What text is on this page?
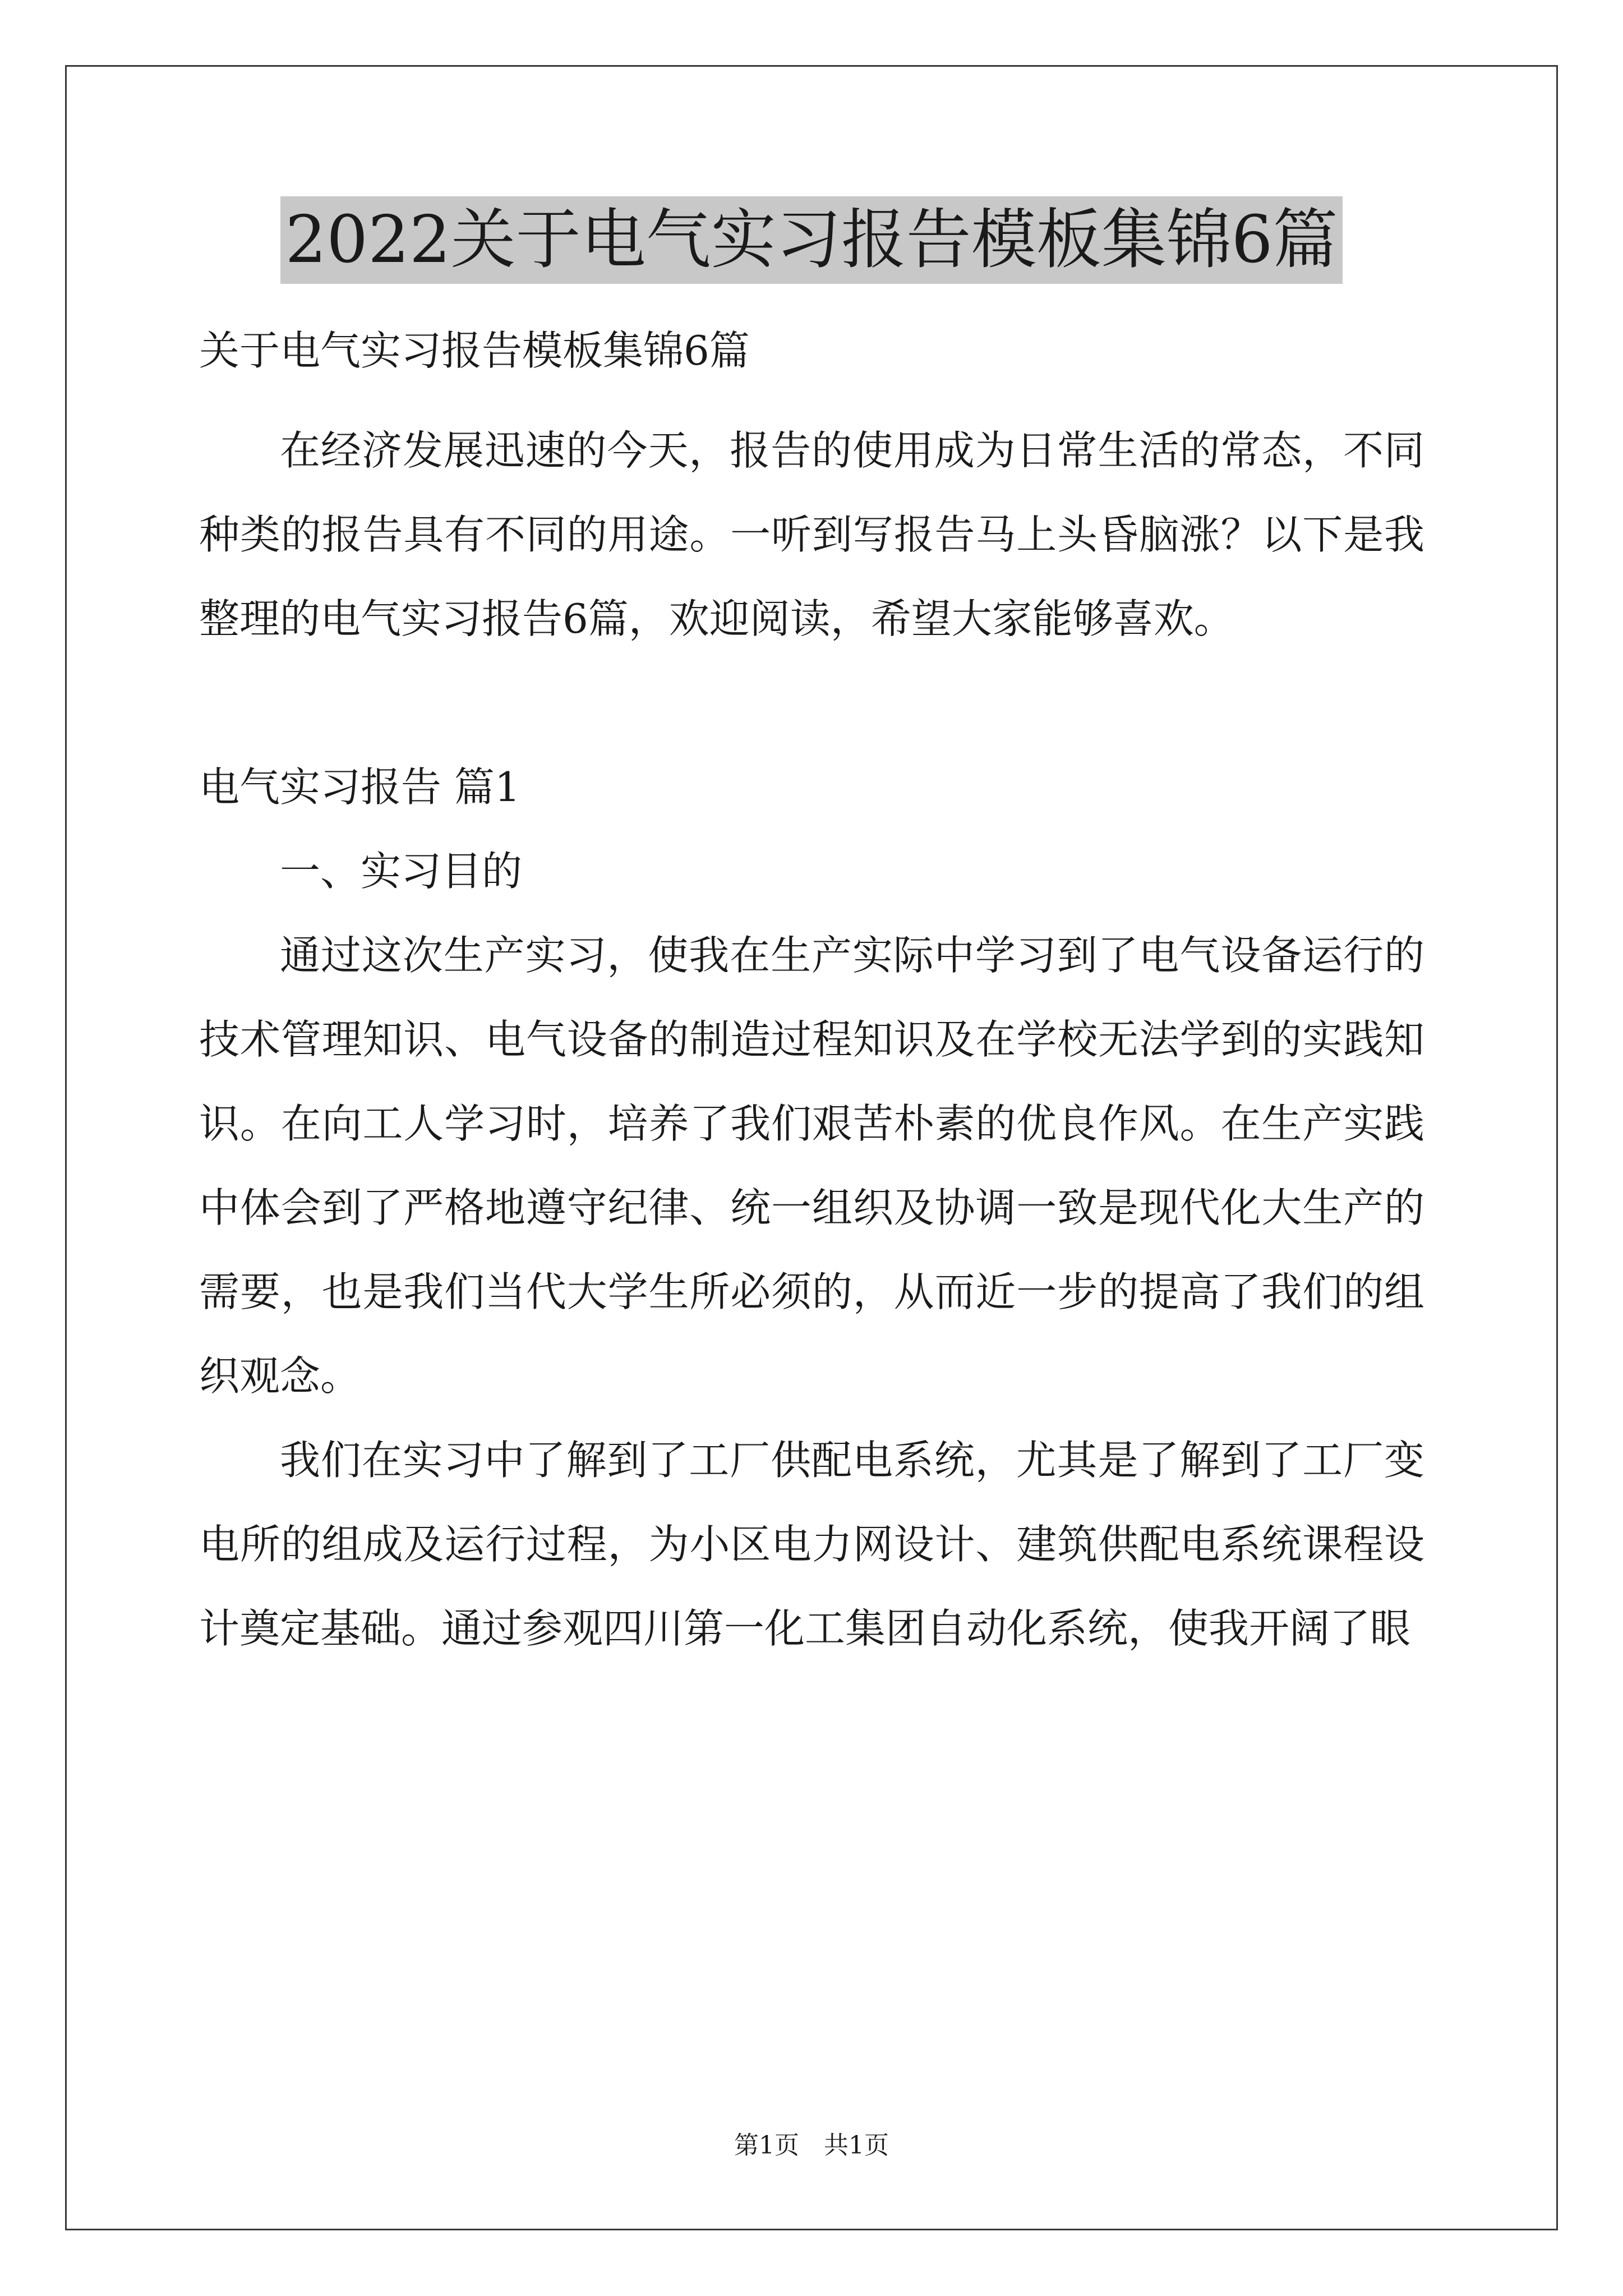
2022关于电气实习报告模板集锦6篇

关于电气实习报告模板集锦6篇

在经济发展迅速的今天，报告的使用成为日常生活的常态，不同种类的报告具有不同的用途。一听到写报告马上头昏脑涨？以下是我整理的电气实习报告6篇，欢迎阅读，希望大家能够喜欢。

电气实习报告 篇1

一、实习目的

通过这次生产实习，使我在生产实际中学习到了电气设备运行的技术管理知识、电气设备的制造过程知识及在学校无法学到的实践知识。在向工人学习时，培养了我们艰苦朴素的优良作风。在生产实践中体会到了严格地遵守纪律、统一组织及协调一致是现代化大生产的需要，也是我们当代大学生所必须的，从而近一步的提高了我们的组织观念。

我们在实习中了解到了工厂供配电系统，尤其是了解到了工厂变电所的组成及运行过程，为小区电力网设计、建筑供配电系统课程设计奠定基础。通过参观四川第一化工集团自动化系统，使我开阔了眼

第1页　共1页
